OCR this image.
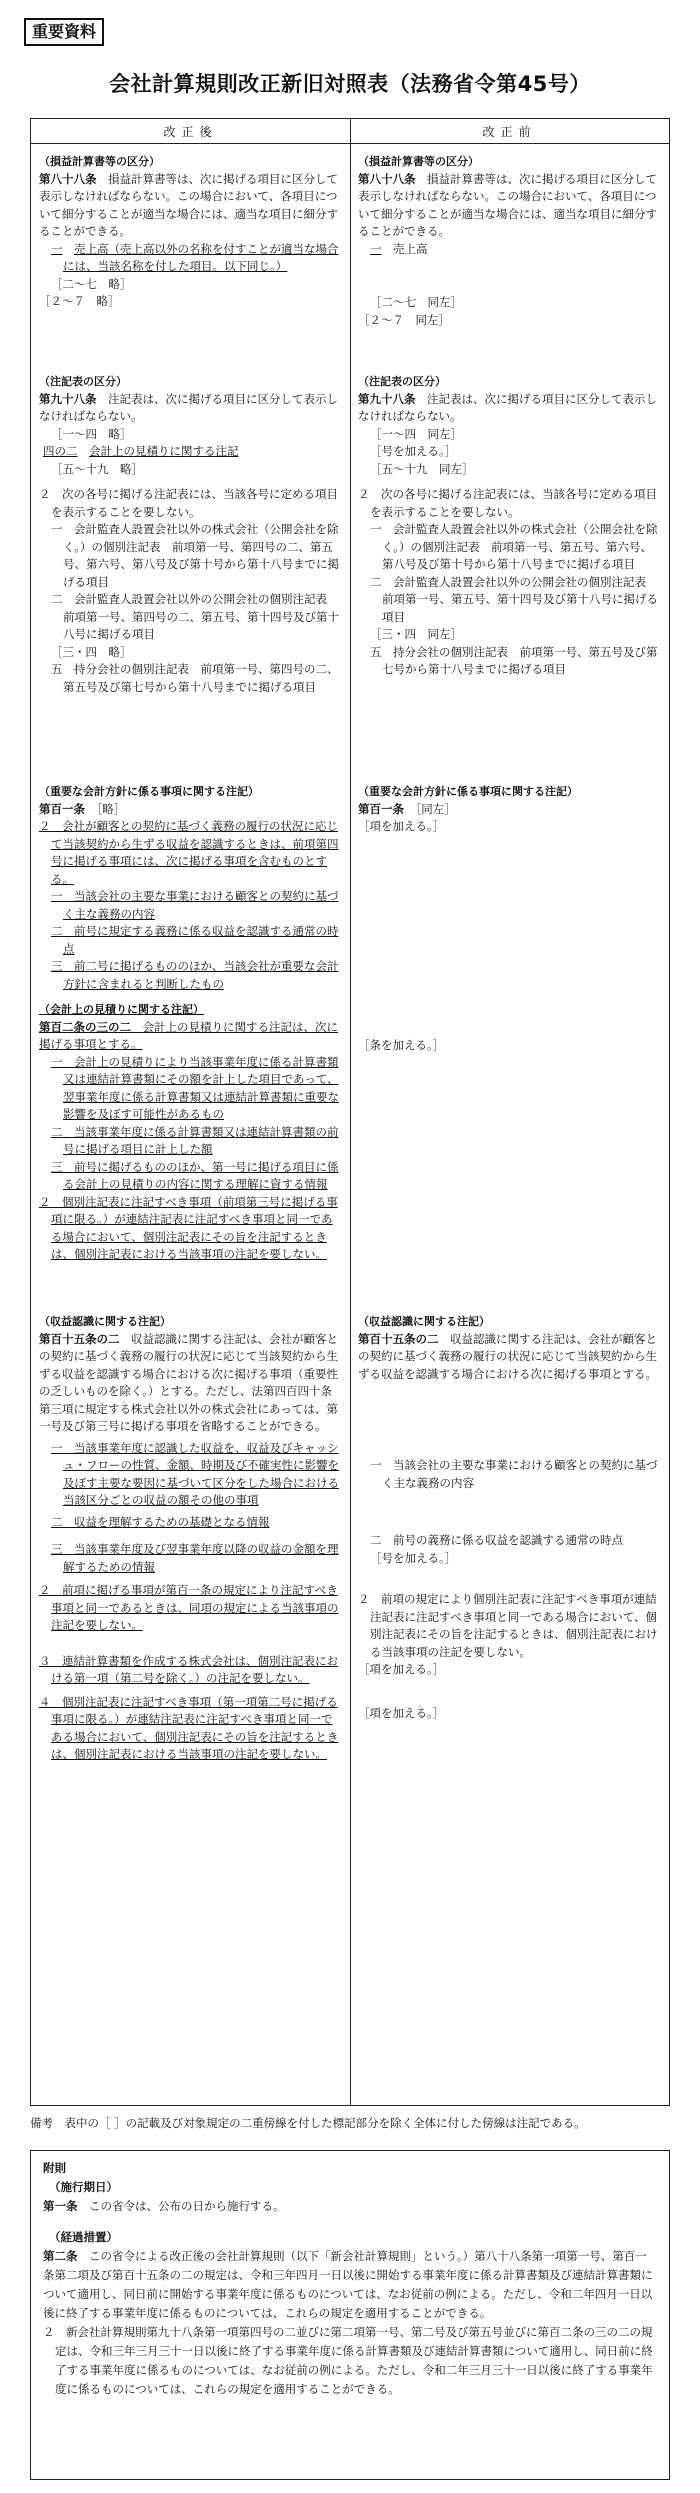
重要資料
会社計算規則改正新旧対照表（法務省令第45号）
改正後	改正前
（損益計算書等の区分）
第八十八条　 損益計算書等は、次に掲げる項目に区分して表示しなければならない。この場合において、各項目について細分することが適当な場合には、適当な項目に細分することができる。
一　 売上高（売上高以外の名称を付すことが適当な場合には、当該名称を付した項目。以下同じ。）
［二～七　略］
［２～７　略］
（注記表の区分）
第九十八条　 注記表は、次に掲げる項目に区分して表示しなければならない。
［一～四　略］
四の二　 会計上の見積りに関する注記
［五～十九　略］
２　次の各号に掲げる注記表には、当該各号に定める項目を表示することを要しない。
一　会計監査人設置会社以外の株式会社（公開会社を除く。）の個別注記表　前項第一号、第四号の二、第五号、第六号、第八号及び第十号から第十八号までに掲げる項目
二　会計監査人設置会社以外の公開会社の個別注記表　前項第一号、第四号の二、第五号、第十四号及び第十八号に掲げる項目
［三・四　略］
五　持分会社の個別注記表　前項第一号、第四号の二、第五号及び第七号から第十八号までに掲げる項目
（重要な会計方針に係る事項に関する注記）
第百一条　 ［略］
２　会社が顧客との契約に基づく義務の履行の状況に応じて当該契約から生ずる収益を認識するときは、前項第四号に掲げる事項には、次に掲げる事項を含むものとする。
一　当該会社の主要な事業における顧客との契約に基づく主な義務の内容
二　前号に規定する義務に係る収益を認識する通常の時点
三　前二号に掲げるもののほか、当該会社が重要な会計方針に含まれると判断したもの
（会計上の見積りに関する注記）
第百二条の三の二　 会計上の見積りに関する注記は、次に掲げる事項とする。
一　会計上の見積りにより当該事業年度に係る計算書類又は連結計算書類にその額を計上した項目であって、翌事業年度に係る計算書類又は連結計算書類に重要な影響を及ぼす可能性があるもの
二　当該事業年度に係る計算書類又は連結計算書類の前号に掲げる項目に計上した額
三　前号に掲げるもののほか、第一号に掲げる項目に係る会計上の見積りの内容に関する理解に資する情報
２　個別注記表に注記すべき事項（前項第三号に掲げる事項に限る。）が連結注記表に注記すべき事項と同一である場合において、個別注記表にその旨を注記するときは、個別注記表における当該事項の注記を要しない。
（収益認識に関する注記）
第百十五条の二　 収益認識に関する注記は、会社が顧客との契約に基づく義務の履行の状況に応じて当該契約から生ずる収益を認識する場合における次に掲げる事項（重要性の乏しいものを除く。）とする。ただし、法第四百四十条第三項に規定する株式会社以外の株式会社にあっては、第一号及び第三号に掲げる事項を省略することができる。
一　当該事業年度に認識した収益を、収益及びキャッシュ・フローの性質、金額、時期及び不確実性に影響を及ぼす主要な要因に基づいて区分をした場合における当該区分ごとの収益の額その他の事項
二　収益を理解するための基礎となる情報
三　当該事業年度及び翌事業年度以降の収益の金額を理解するための情報
２　前項に掲げる事項が第百一条の規定により注記すべき事項と同一であるときは、同項の規定による当該事項の注記を要しない。
３　連結計算書類を作成する株式会社は、個別注記表における第一項（第二号を除く。）の注記を要しない。
４　個別注記表に注記すべき事項（第一項第二号に掲げる事項に限る。）が連結注記表に注記すべき事項と同一である場合において、個別注記表にその旨を注記するときは、個別注記表における当該事項の注記を要しない。
（損益計算書等の区分）
第八十八条　 損益計算書等は、次に掲げる項目に区分して表示しなければならない。この場合において、各項目について細分することが適当な場合には、適当な項目に細分することができる。
一　 売上高
［二～七　同左］
［２～７　同左］
（注記表の区分）
第九十八条　 注記表は、次に掲げる項目に区分して表示しなければならない。
［一～四　同左］
［号を加える。］
［五～十九　同左］
２　次の各号に掲げる注記表には、当該各号に定める項目を表示することを要しない。
一　会計監査人設置会社以外の株式会社（公開会社を除く。）の個別注記表　前項第一号、第五号、第六号、第八号及び第十号から第十八号までに掲げる項目
二　会計監査人設置会社以外の公開会社の個別注記表　前項第一号、第五号、第十四号及び第十八号に掲げる項目
［三・四　同左］
五　持分会社の個別注記表　前項第一号、第五号及び第七号から第十八号までに掲げる項目
（重要な会計方針に係る事項に関する注記）
第百一条　 ［同左］
［項を加える。］
［条を加える。］
（収益認識に関する注記）
第百十五条の二　 収益認識に関する注記は、会社が顧客との契約に基づく義務の履行の状況に応じて当該契約から生ずる収益を認識する場合における次に掲げる事項とする。
一　当該会社の主要な事業における顧客との契約に基づく主な義務の内容
二　前号の義務に係る収益を認識する通常の時点
［号を加える。］
２　前項の規定により個別注記表に注記すべき事項が連結注記表に注記すべき事項と同一である場合において、個別注記表にその旨を注記するときは、個別注記表における当該事項の注記を要しない。
［項を加える。］
［項を加える。］
備考　表中の［ ］の記載及び対象規定の二重傍線を付した標記部分を除く全体に付した傍線は注記である。
附則
（施行期日）
第一条　 この省令は、公布の日から施行する。
（経過措置）
第二条　 この省令による改正後の会社計算規則（以下「新会社計算規則」という。）第八十八条第一項第一号、第百一条第二項及び第百十五条の二の規定は、令和三年四月一日以後に開始する事業年度に係る計算書類及び連結計算書類について適用し、同日前に開始する事業年度に係るものについては、なお従前の例による。ただし、令和二年四月一日以後に終了する事業年度に係るものについては、これらの規定を適用することができる。
２　新会社計算規則第九十八条第一項第四号の二並びに第二項第一号、第二号及び第五号並びに第百二条の三の二の規定は、令和三年三月三十一日以後に終了する事業年度に係る計算書類及び連結計算書類について適用し、同日前に終了する事業年度に係るものについては、なお従前の例による。ただし、令和二年三月三十一日以後に終了する事業年度に係るものについては、これらの規定を適用することができる。
